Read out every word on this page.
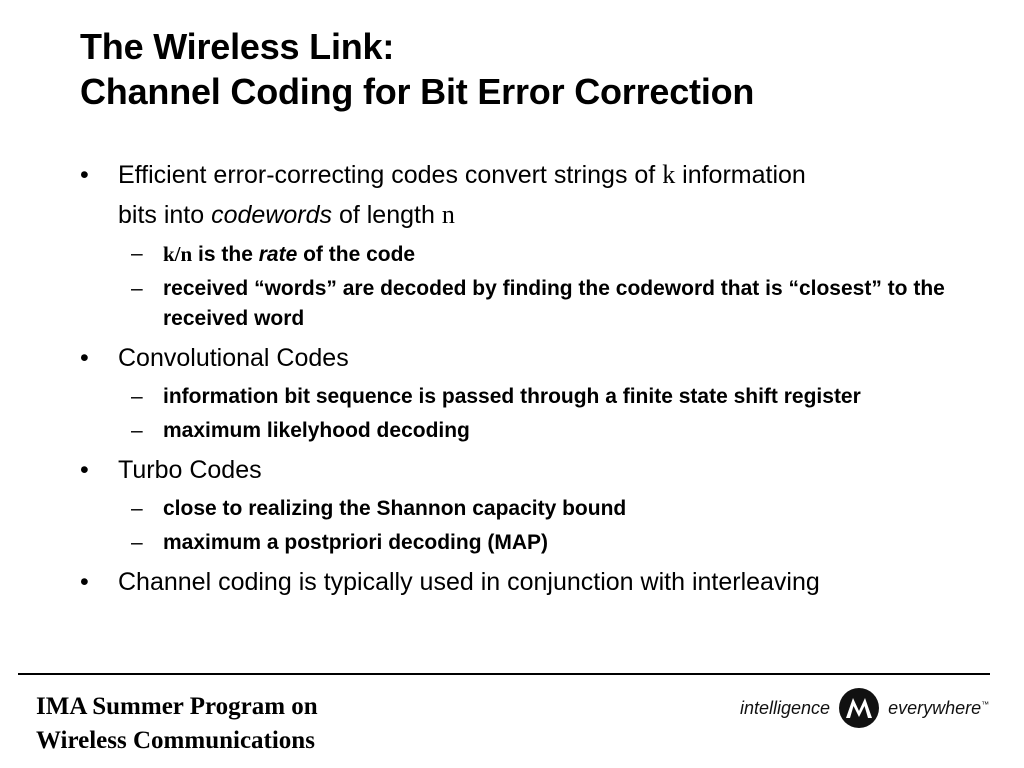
The Wireless Link:
Channel Coding for Bit Error Correction
• Efficient error-correcting codes convert strings of k information
bits into codewords of length n
– k/n is the rate of the code
– received “words” are decoded by finding the codeword that is “closest” to the received word
• Convolutional Codes
– information bit sequence is passed through a finite state shift register
– maximum likelyhood decoding
• Turbo Codes
– close to realizing the Shannon capacity bound
– maximum a postpriori decoding (MAP)
• Channel coding is typically used in conjunction with interleaving
IMA Summer Program on
Wireless Communications
intelligence	everywhere™
